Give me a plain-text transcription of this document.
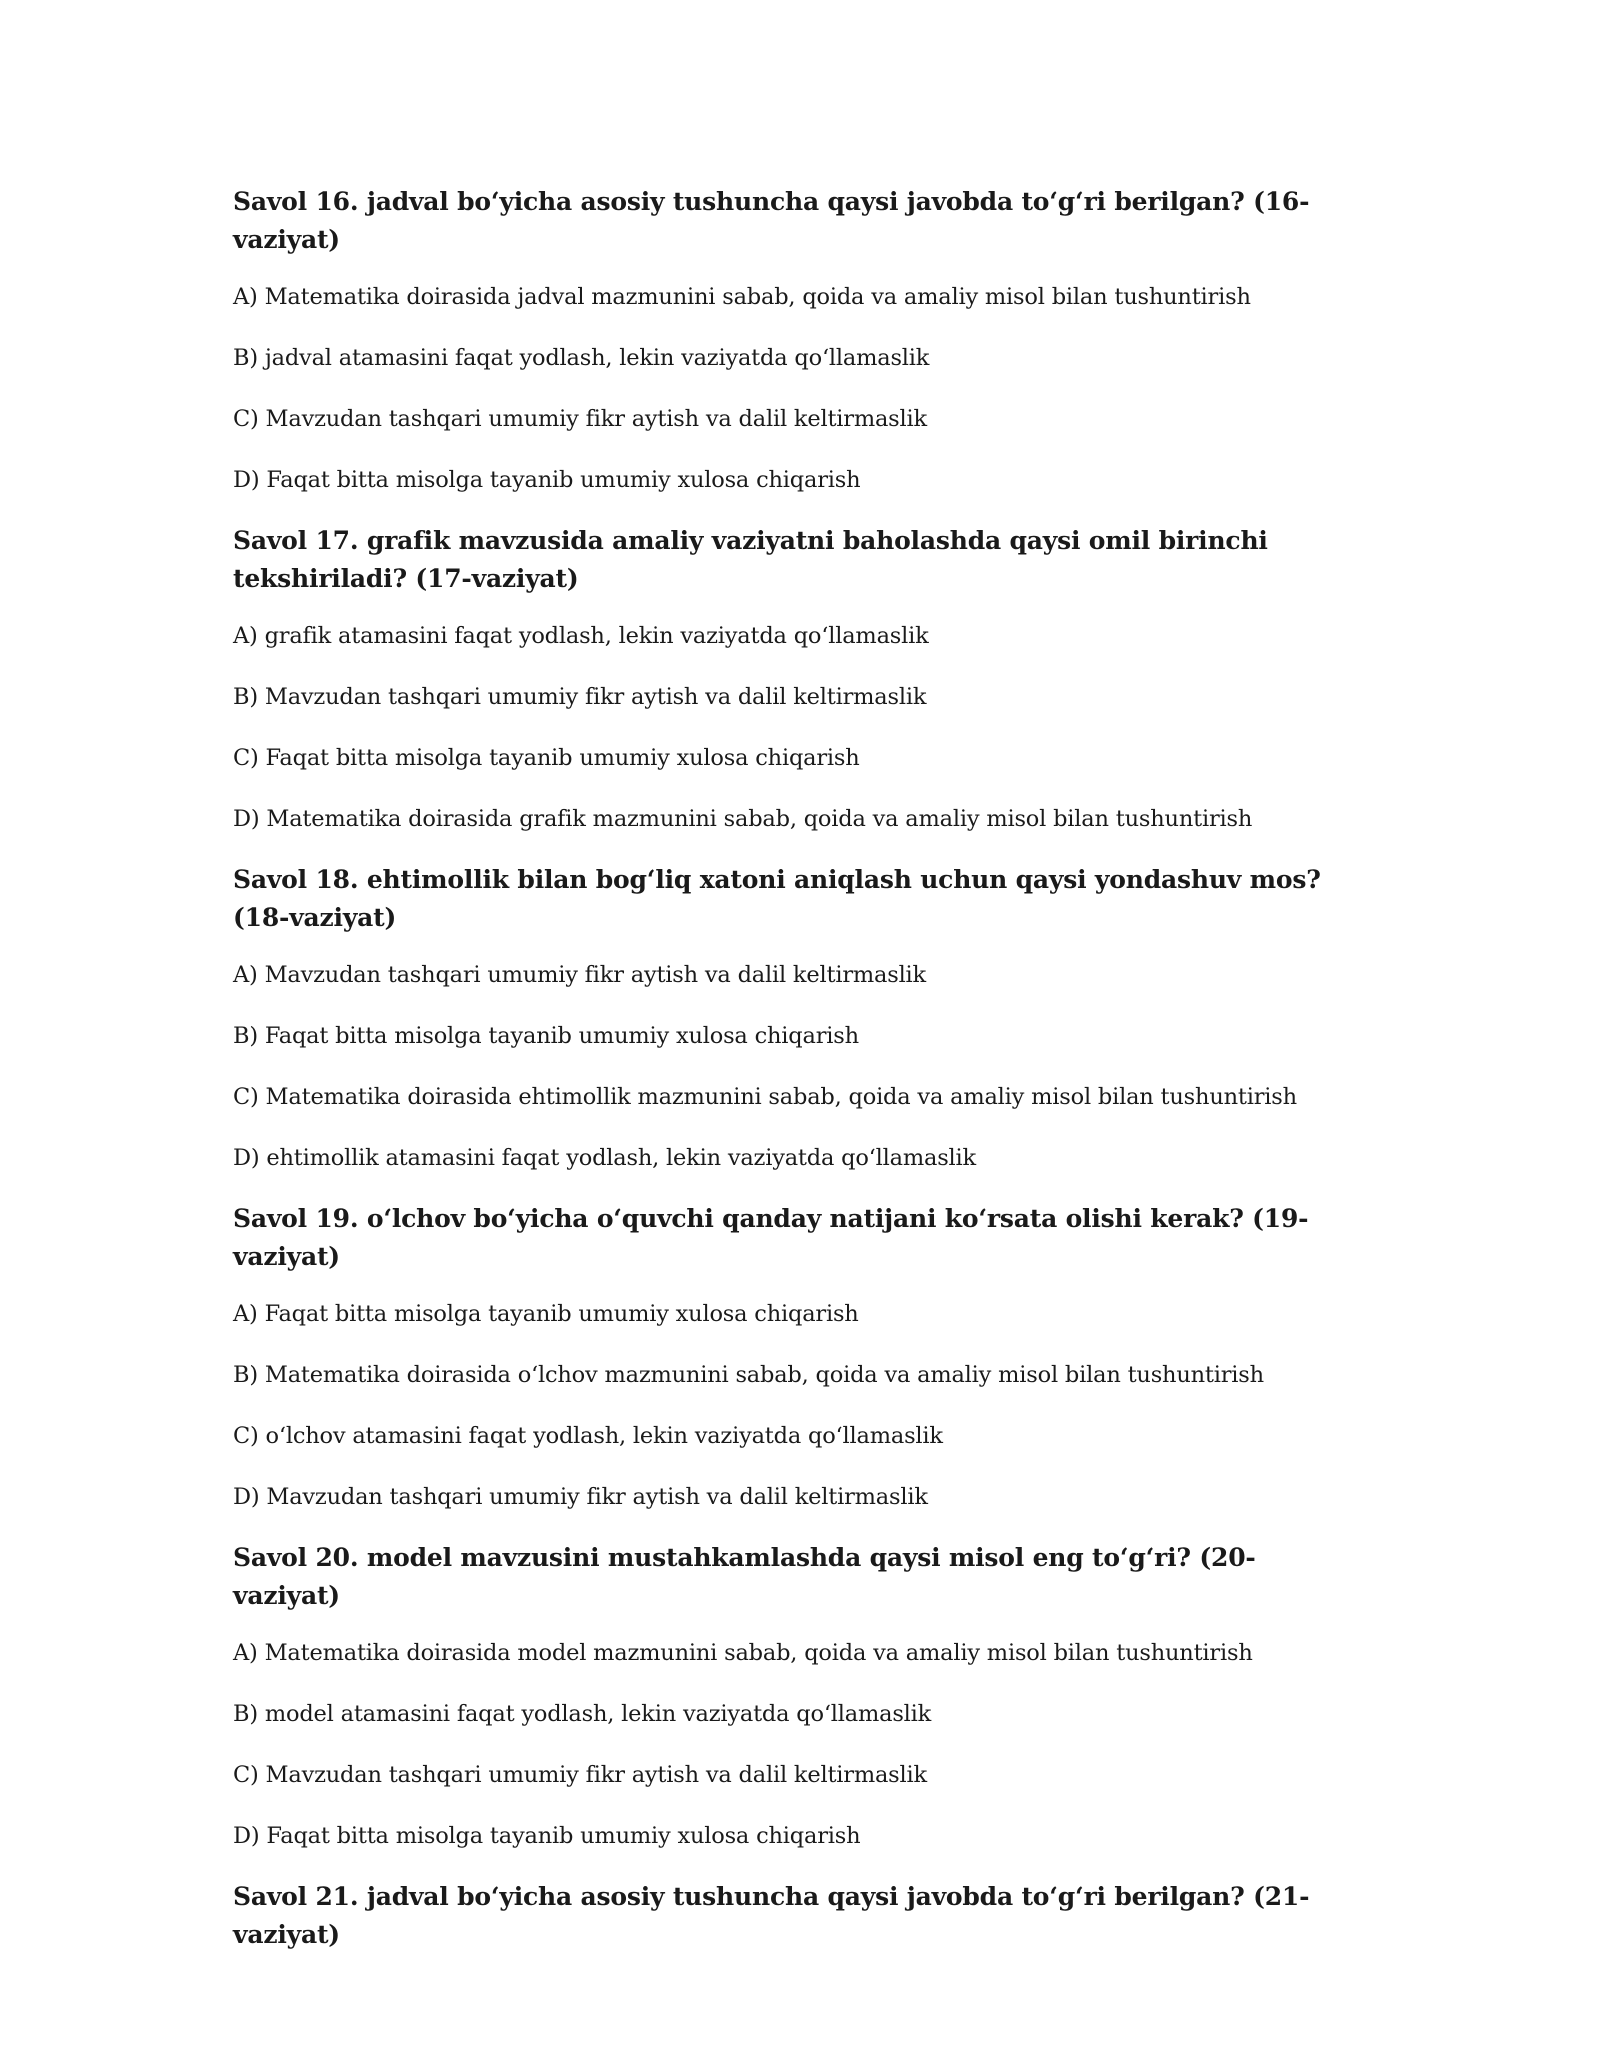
Savol 16. jadval bo‘yicha asosiy tushuncha qaysi javobda to‘g‘ri berilgan? (16-vaziyat)
A) Matematika doirasida jadval mazmunini sabab, qoida va amaliy misol bilan tushuntirish
B) jadval atamasini faqat yodlash, lekin vaziyatda qo‘llamaslik
C) Mavzudan tashqari umumiy fikr aytish va dalil keltirmaslik
D) Faqat bitta misolga tayanib umumiy xulosa chiqarish
Savol 17. grafik mavzusida amaliy vaziyatni baholashda qaysi omil birinchi tekshiriladi? (17-vaziyat)
A) grafik atamasini faqat yodlash, lekin vaziyatda qo‘llamaslik
B) Mavzudan tashqari umumiy fikr aytish va dalil keltirmaslik
C) Faqat bitta misolga tayanib umumiy xulosa chiqarish
D) Matematika doirasida grafik mazmunini sabab, qoida va amaliy misol bilan tushuntirish
Savol 18. ehtimollik bilan bog‘liq xatoni aniqlash uchun qaysi yondashuv mos? (18-vaziyat)
A) Mavzudan tashqari umumiy fikr aytish va dalil keltirmaslik
B) Faqat bitta misolga tayanib umumiy xulosa chiqarish
C) Matematika doirasida ehtimollik mazmunini sabab, qoida va amaliy misol bilan tushuntirish
D) ehtimollik atamasini faqat yodlash, lekin vaziyatda qo‘llamaslik
Savol 19. o‘lchov bo‘yicha o‘quvchi qanday natijani ko‘rsata olishi kerak? (19-vaziyat)
A) Faqat bitta misolga tayanib umumiy xulosa chiqarish
B) Matematika doirasida o‘lchov mazmunini sabab, qoida va amaliy misol bilan tushuntirish
C) o‘lchov atamasini faqat yodlash, lekin vaziyatda qo‘llamaslik
D) Mavzudan tashqari umumiy fikr aytish va dalil keltirmaslik
Savol 20. model mavzusini mustahkamlashda qaysi misol eng to‘g‘ri? (20-vaziyat)
A) Matematika doirasida model mazmunini sabab, qoida va amaliy misol bilan tushuntirish
B) model atamasini faqat yodlash, lekin vaziyatda qo‘llamaslik
C) Mavzudan tashqari umumiy fikr aytish va dalil keltirmaslik
D) Faqat bitta misolga tayanib umumiy xulosa chiqarish
Savol 21. jadval bo‘yicha asosiy tushuncha qaysi javobda to‘g‘ri berilgan? (21-vaziyat)
